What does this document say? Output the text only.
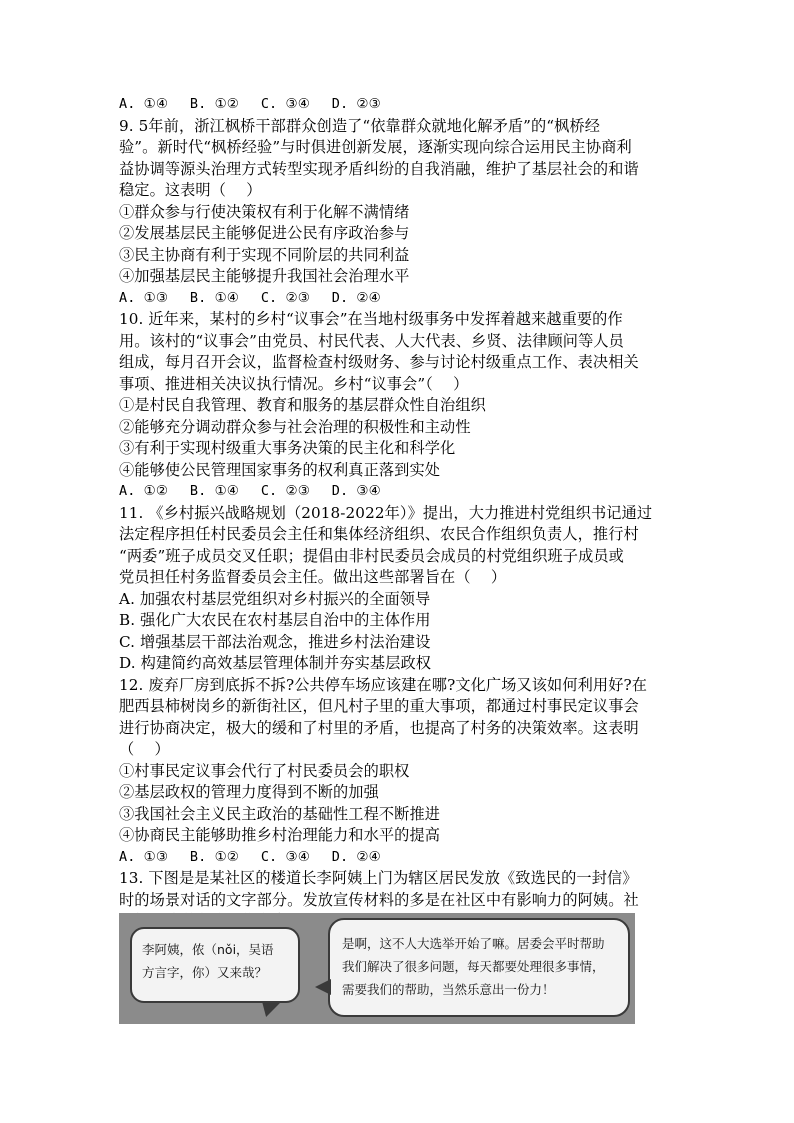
A. ①④　 B. ①②　 C. ③④　 D. ②③
9. 5年前，浙江枫桥干部群众创造了“依靠群众就地化解矛盾”的“枫桥经
验”。新时代“枫桥经验”与时俱进创新发展，逐渐实现向综合运用民主协商利
益协调等源头治理方式转型实现矛盾纠纷的自我消融，维护了基层社会的和谐
稳定。这表明（　 ）
①群众参与行使决策权有利于化解不满情绪
②发展基层民主能够促进公民有序政治参与
③民主协商有利于实现不同阶层的共同利益
④加强基层民主能够提升我国社会治理水平
A. ①③　 B. ①④　 C. ②③　 D. ②④
10. 近年来，某村的乡村“议事会”在当地村级事务中发挥着越来越重要的作
用。该村的“议事会”由党员、村民代表、人大代表、乡贤、法律顾问等人员
组成，每月召开会议，监督检查村级财务、参与讨论村级重点工作、表决相关
事项、推进相关决议执行情况。乡村“议事会”（　 ）
①是村民自我管理、教育和服务的基层群众性自治组织
②能够充分调动群众参与社会治理的积极性和主动性
③有利于实现村级重大事务决策的民主化和科学化
④能够使公民管理国家事务的权利真正落到实处
A. ①②　 B. ①④　 C. ②③　 D. ③④
11. 《乡村振兴战略规划（2018-2022年）》提出，大力推进村党组织书记通过
法定程序担任村民委员会主任和集体经济组织、农民合作组织负责人，推行村
“两委”班子成员交叉任职；提倡由非村民委员会成员的村党组织班子成员或
党员担任村务监督委员会主任。做出这些部署旨在（　 ）
A. 加强农村基层党组织对乡村振兴的全面领导
B. 强化广大农民在农村基层自治中的主体作用
C. 增强基层干部法治观念，推进乡村法治建设
D. 构建简约高效基层管理体制并夯实基层政权
12. 废弃厂房到底拆不拆?公共停车场应该建在哪?文化广场又该如何利用好?在
肥西县柿树岗乡的新街社区，但凡村子里的重大事项，都通过村事民定议事会
进行协商决定，极大的缓和了村里的矛盾，也提高了村务的决策效率。这表明
（　 ）
①村事民定议事会代行了村民委员会的职权
②基层政权的管理力度得到不断的加强
③我国社会主义民主政治的基础性工程不断推进
④协商民主能够助推乡村治理能力和水平的提高
A. ①③　 B. ①②　 C. ③④　 D. ②④
13. 下图是是某社区的楼道长李阿姨上门为辖区居民发放《致选民的一封信》
时的场景对话的文字部分。发放宣传材料的多是在社区中有影响力的阿姨。社
李阿姨，侬（nǒi，吴语
方言字，你）又来哉？
是啊，这不人大选举开始了嘛。居委会平时帮助
我们解决了很多问题，每天都要处理很多事情，
需要我们的帮助，当然乐意出一份力！
